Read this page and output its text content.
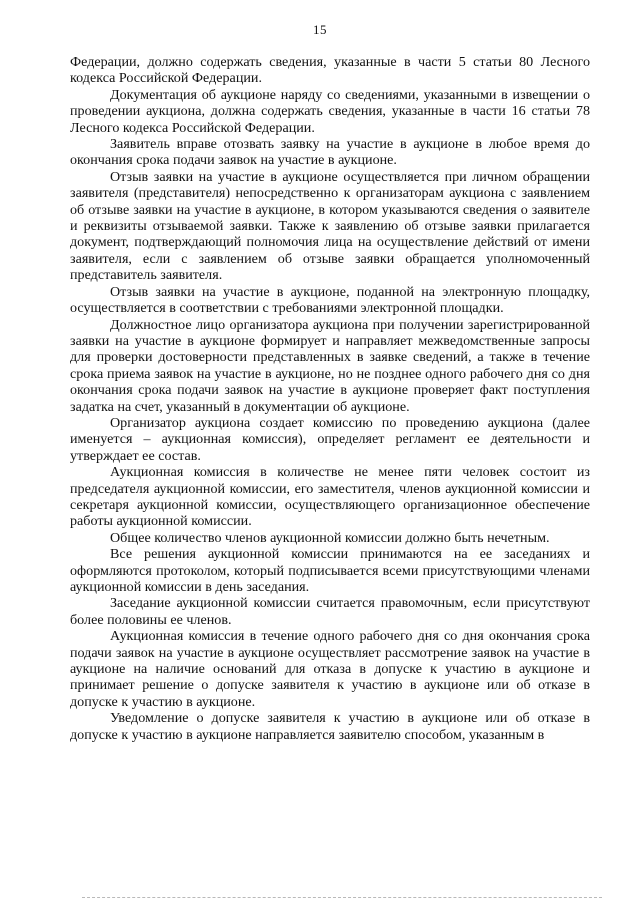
15

Федерации, должно содержать сведения, указанные в части 5 статьи 80 Лесного кодекса Российской Федерации.

Документация об аукционе наряду со сведениями, указанными в извещении о проведении аукциона, должна содержать сведения, указанные в части 16 статьи 78 Лесного кодекса Российской Федерации.

Заявитель вправе отозвать заявку на участие в аукционе в любое время до окончания срока подачи заявок на участие в аукционе.

Отзыв заявки на участие в аукционе осуществляется при личном обращении заявителя (представителя) непосредственно к организаторам аукциона с заявлением об отзыве заявки на участие в аукционе, в котором указываются сведения о заявителе и реквизиты отзываемой заявки. Также к заявлению об отзыве заявки прилагается документ, подтверждающий полномочия лица на осуществление действий от имени заявителя, если с заявлением об отзыве заявки обращается уполномоченный представитель заявителя.

Отзыв заявки на участие в аукционе, поданной на электронную площадку, осуществляется в соответствии с требованиями электронной площадки.

Должностное лицо организатора аукциона при получении зарегистрированной заявки на участие в аукционе формирует и направляет межведомственные запросы для проверки достоверности представленных в заявке сведений, а также в течение срока приема заявок на участие в аукционе, но не позднее одного рабочего дня со дня окончания срока подачи заявок на участие в аукционе проверяет факт поступления задатка на счет, указанный в документации об аукционе.

Организатор аукциона создает комиссию по проведению аукциона (далее именуется – аукционная комиссия), определяет регламент ее деятельности и утверждает ее состав.

Аукционная комиссия в количестве не менее пяти человек состоит из председателя аукционной комиссии, его заместителя, членов аукционной комиссии и секретаря аукционной комиссии, осуществляющего организационное обеспечение работы аукционной комиссии.

Общее количество членов аукционной комиссии должно быть нечетным.

Все решения аукционной комиссии принимаются на ее заседаниях и оформляются протоколом, который подписывается всеми присутствующими членами аукционной комиссии в день заседания.

Заседание аукционной комиссии считается правомочным, если присутствуют более половины ее членов.

Аукционная комиссия в течение одного рабочего дня со дня окончания срока подачи заявок на участие в аукционе осуществляет рассмотрение заявок на участие в аукционе на наличие оснований для отказа в допуске к участию в аукционе и принимает решение о допуске заявителя к участию в аукционе или об отказе в допуске к участию в аукционе.

Уведомление о допуске заявителя к участию в аукционе или об отказе в допуске к участию в аукционе направляется заявителю способом, указанным в
